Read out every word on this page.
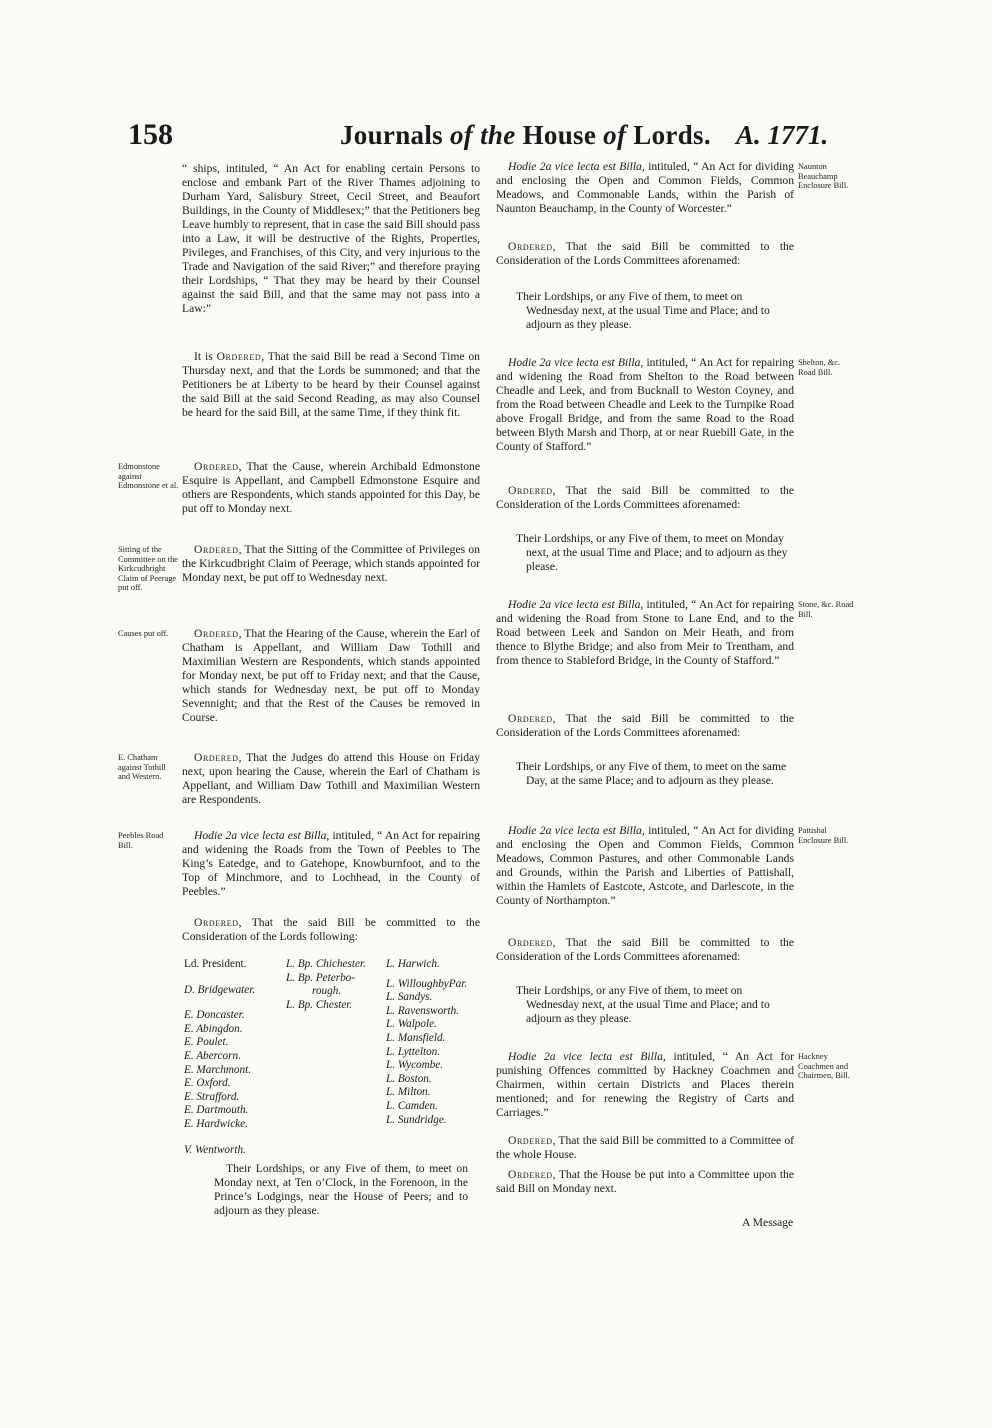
158	Journals of the House of Lords. A. 1771.

“ ships, intituled, “ An Act for enabling certain Persons to enclose and embank Part of the River Thames adjoining to Durham Yard, Salisbury Street, Cecil Street, and Beaufort Buildings, in the County of Middlesex;” that the Petitioners beg Leave humbly to represent, that in case the said Bill should pass into a Law, it will be destructive of the Rights, Properties, Pivileges, and Franchises, of this City, and very injurious to the Trade and Navigation of the said River;” and therefore praying their Lordships, “ That they may be heard by their Counsel against the said Bill, and that the same may not pass into a Law:”

It is Ordered, That the said Bill be read a Second Time on Thursday next, and that the Lords be summoned; and that the Petitioners be at Liberty to be heard by their Counsel against the said Bill at the said Second Reading, as may also Counsel be heard for the said Bill, at the same Time, if they think fit.

Edmonstone against Edmonstone et al.

Ordered, That the Cause, wherein Archibald Edmonstone Esquire is Appellant, and Campbell Edmonstone Esquire and others are Respondents, which stands appointed for this Day, be put off to Monday next.

Sitting of the Committee on the Kirkcudbright Claim of Peerage put off.

Ordered, That the Sitting of the Committee of Privileges on the Kirkcudbright Claim of Peerage, which stands appointed for Monday next, be put off to Wednesday next.

Causes put off.	Ordered, That the Hearing of the Cause, wherein the Earl of Chatham is Appellant, and William Daw Tothill and Maximilian Western are Respondents, which stands appointed for Monday next, be put off to Friday next; and that the Cause, which stands for Wednesday next, be put off to Monday Sevennight; and that the Rest of the Causes be removed in Course.

E. Chatham against Tothill and Western.

Ordered, That the Judges do attend this House on Friday next, upon hearing the Cause, wherein the Earl of Chatham is Appellant, and William Daw Tothill and Maximilian Western are Respondents.

Peebles Road Bill.

Hodie 2a vice lecta est Billa, intituled, “ An Act for repairing and widening the Roads from the Town of Peebles to The King’s Eatedge, and to Gatehope, Knowburnfoot, and to the Top of Minchmore, and to Lochhead, in the County of Peebles.”

Ordered, That the said Bill be committed to the Consideration of the Lords following:

Ld. President.
D. Bridgewater.
E. Doncaster.
E. Abingdon.
E. Poulet.
E. Abercorn.
E. Marchmont.
E. Oxford.
E. Strafford.
E. Dartmouth.
E. Hardwicke.
V. Wentworth.
L. Bp. Chichester.
L. Bp. Peterbo-
rough.
L. Bp. Chester.
L. Harwich.
L. WilloughbyPar.
L. Sandys.
L. Ravensworth.
L. Walpole.
L. Mansfield.
L. Lyttelton.
L. Wycombe.
L. Boston.
L. Milton.
L. Camden.
L. Sundridge.

Their Lordships, or any Five of them, to meet on Monday next, at Ten o’Clock, in the Forenoon, in the Prince’s Lodgings, near the House of Peers; and to adjourn as they please.

Naunton Beauchamp Enclosure Bill.

Hodie 2a vice lecta est Billa, intituled, “ An Act for dividing and enclosing the Open and Common Fields, Common Meadows, and Commonable Lands, within the Parish of Naunton Beauchamp, in the County of Worcester.”

Ordered, That the said Bill be committed to the Consideration of the Lords Committees aforenamed:

Their Lordships, or any Five of them, to meet on Wednesday next, at the usual Time and Place; and to adjourn as they please.

Shelton, &c. Road Bill.

Hodie 2a vice lecta est Billa, intituled, “ An Act for repairing and widening the Road from Shelton to the Road between Cheadle and Leek, and from Bucknall to Weston Coyney, and from the Road between Cheadle and Leek to the Turnpike Road above Frogall Bridge, and from the same Road to the Road between Blyth Marsh and Thorp, at or near Ruebill Gate, in the County of Stafford.”

Ordered, That the said Bill be committed to the Consideration of the Lords Committees aforenamed:

Their Lordships, or any Five of them, to meet on Monday next, at the usual Time and Place; and to adjourn as they please.

Stone, &c. Road Bill.

Hodie 2a vice lecta est Billa, intituled, “ An Act for repairing and widening the Road from Stone to Lane End, and to the Road between Leek and Sandon on Meir Heath, and from thence to Blythe Bridge; and also from Meir to Trentham, and from thence to Stableford Bridge, in the County of Stafford.”

Ordered, That the said Bill be committed to the Consideration of the Lords Committees aforenamed:

Their Lordships, or any Five of them, to meet on the same Day, at the same Place; and to adjourn as they please.

Pattishal Enclosure Bill.

Hodie 2a vice lecta est Billa, intituled, “ An Act for dividing and enclosing the Open and Common Fields, Common Meadows, Common Pastures, and other Commonable Lands and Grounds, within the Parish and Liberties of Pattishall, within the Hamlets of Eastcote, Astcote, and Darlescote, in the County of Northampton.”

Ordered, That the said Bill be committed to the Consideration of the Lords Committees aforenamed:

Their Lordships, or any Five of them, to meet on Wednesday next, at the usual Time and Place; and to adjourn as they please.

Hackney Coachmen and Chairmen, Bill.

Hodie 2a vice lecta est Billa, intituled, “ An Act for punishing Offences committed by Hackney Coachmen and Chairmen, within certain Districts and Places therein mentioned; and for renewing the Registry of Carts and Carriages.”

Ordered, That the said Bill be committed to a Committee of the whole House.

Ordered, That the House be put into a Committee upon the said Bill on Monday next.

A Message
